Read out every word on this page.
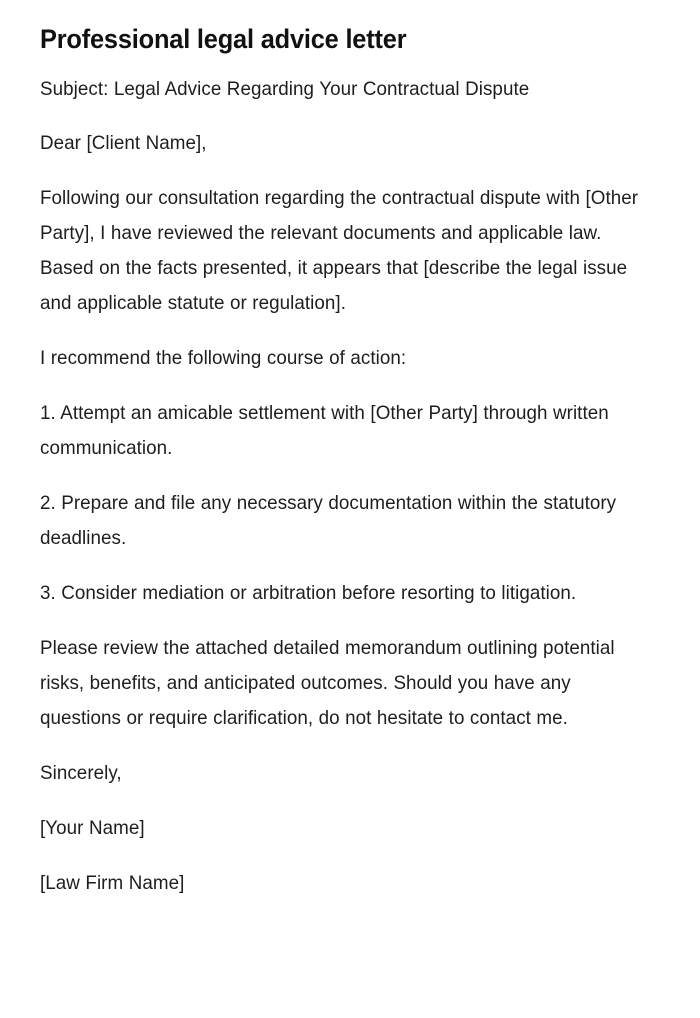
Professional legal advice letter

Subject: Legal Advice Regarding Your Contractual Dispute

Dear [Client Name],

Following our consultation regarding the contractual dispute with [Other Party], I have reviewed the relevant documents and applicable law. Based on the facts presented, it appears that [describe the legal issue and applicable statute or regulation].

I recommend the following course of action:

1. Attempt an amicable settlement with [Other Party] through written communication.

2. Prepare and file any necessary documentation within the statutory deadlines.

3. Consider mediation or arbitration before resorting to litigation.

Please review the attached detailed memorandum outlining potential risks, benefits, and anticipated outcomes. Should you have any questions or require clarification, do not hesitate to contact me.

Sincerely,

[Your Name]

[Law Firm Name]
